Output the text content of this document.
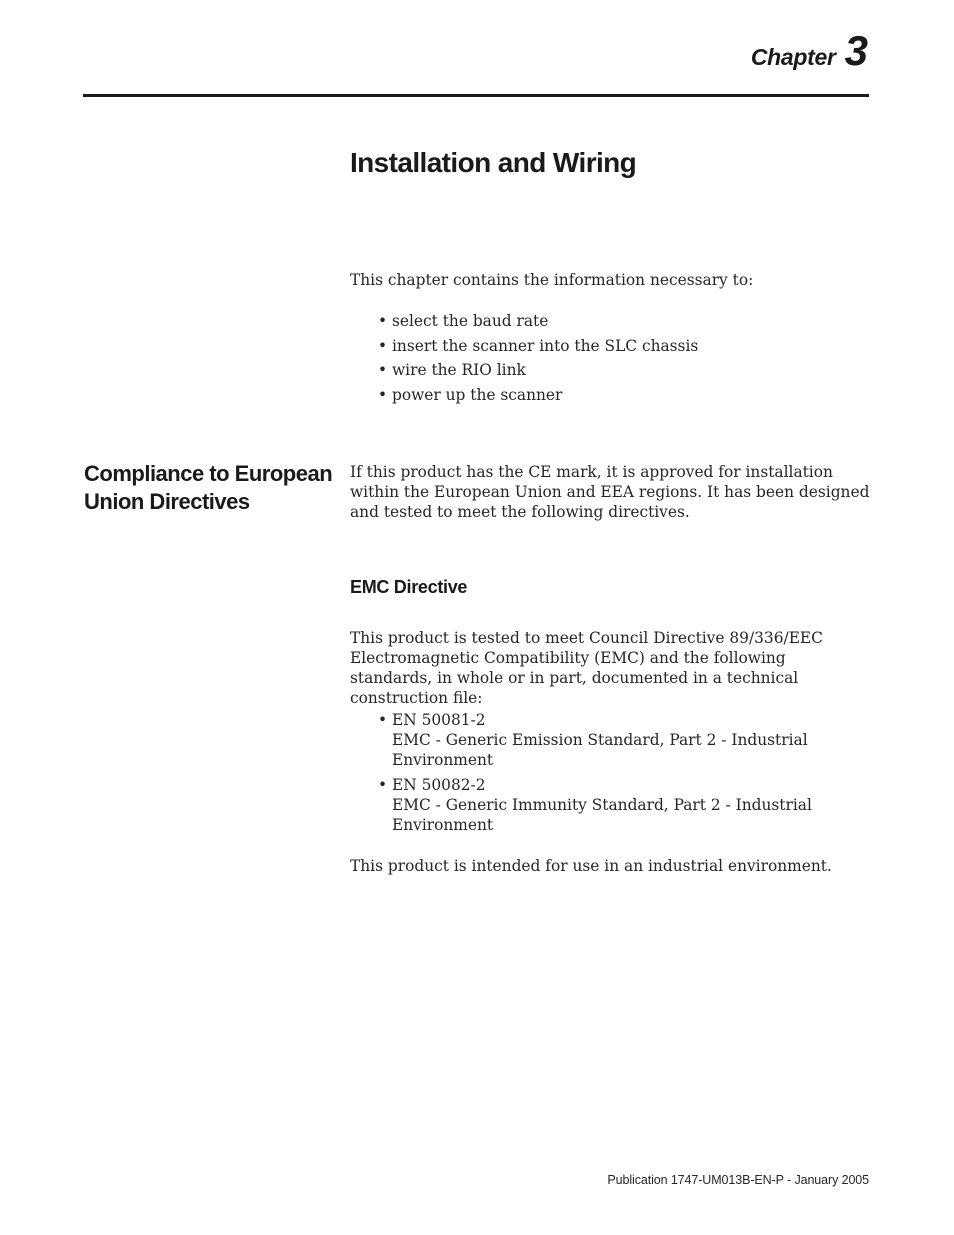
Chapter 3
Installation and Wiring

This chapter contains the information necessary to:

• select the baud rate
• insert the scanner into the SLC chassis
• wire the RIO link
• power up the scanner
Compliance to European Union Directives

If this product has the CE mark, it is approved for installation within the European Union and EEA regions. It has been designed and tested to meet the following directives.

EMC Directive

This product is tested to meet Council Directive 89/336/EEC Electromagnetic Compatibility (EMC) and the following standards, in whole or in part, documented in a technical construction file:

• EN 50081-2
EMC - Generic Emission Standard, Part 2 - Industrial Environment
• EN 50082-2
EMC - Generic Immunity Standard, Part 2 - Industrial Environment

This product is intended for use in an industrial environment.

Publication 1747-UM013B-EN-P - January 2005
